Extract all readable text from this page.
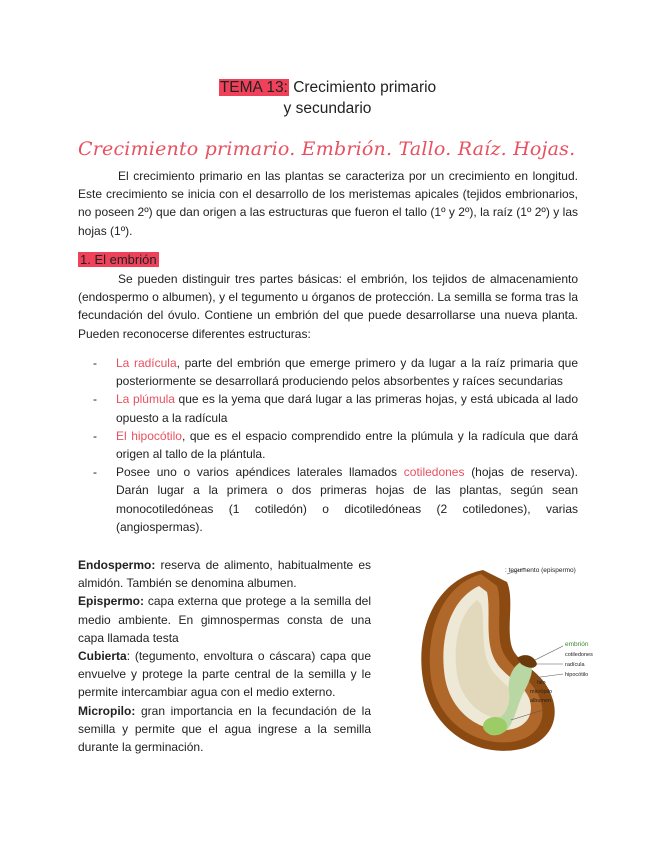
TEMA 13: Crecimiento primario
y secundario
Crecimiento primario. Embrión. Tallo. Raíz. Hojas.
El crecimiento primario en las plantas se caracteriza por un crecimiento en longitud. Este crecimiento se inicia con el desarrollo de los meristemas apicales (tejidos embrionarios, no poseen 2º) que dan origen a las estructuras que fueron el tallo (1º y 2º), la raíz (1º 2º) y las hojas (1º).
1. El embrión
Se pueden distinguir tres partes básicas: el embrión, los tejidos de almacenamiento (endospermo o albumen), y el tegumento u órganos de protección. La semilla se forma tras la fecundación del óvulo. Contiene un embrión del que puede desarrollarse una nueva planta. Pueden reconocerse diferentes estructuras:
- La radícula, parte del embrión que emerge primero y da lugar a la raíz primaria que posteriormente se desarrollará produciendo pelos absorbentes y raíces secundarias
- La plúmula que es la yema que dará lugar a las primeras hojas, y está ubicada al lado opuesto a la radícula
- El hipocótilo, que es el espacio comprendido entre la plúmula y la radícula que dará origen al tallo de la plántula.
- Posee uno o varios apéndices laterales llamados cotiledones (hojas de reserva). Darán lugar a la primera o dos primeras hojas de las plantas, según sean monocotiledóneas (1 cotiledón) o dicotiledóneas (2 cotiledones), varias (angiospermas).
Endospermo: reserva de alimento, habitualmente es almidón. También se denomina albumen.
Epispermo: capa externa que protege a la semilla del medio ambiente. En gimnospermas consta de una capa llamada testa
Cubierta: (tegumento, envoltura o cáscara) capa que envuelve y protege la parte central de la semilla y le permite intercambiar agua con el medio externo.
Micropilo: gran importancia en la fecundación de la semilla y permite que el agua ingrese a la semilla durante la germinación.
: tegumento (epispermo)
embrión
cotiledones
radícula
hipocótilo
hilo
micrópilo
albumen
